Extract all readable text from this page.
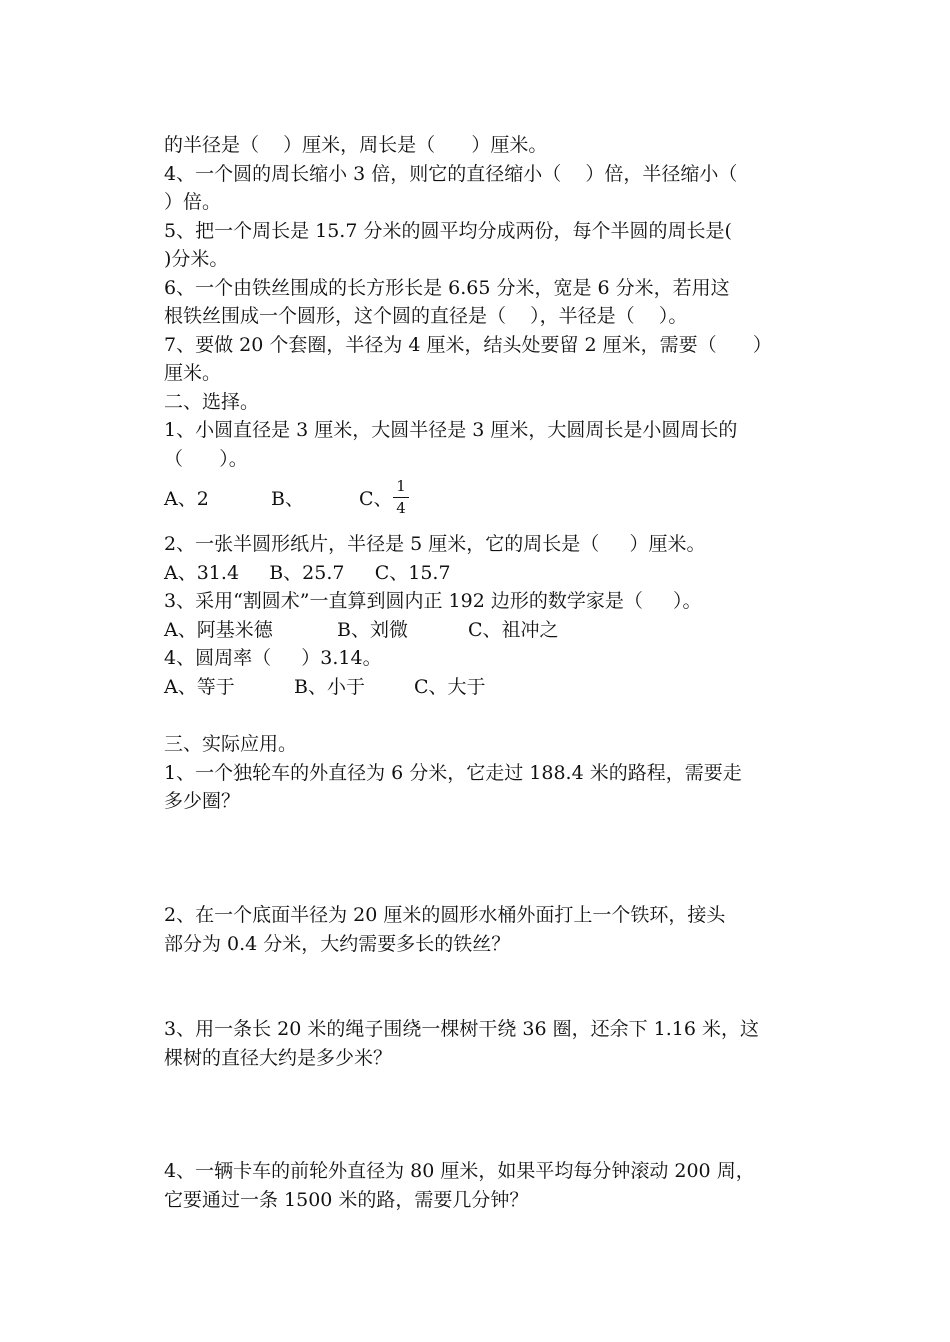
的半径是（    ）厘米，周长是（      ）厘米。
4、一个圆的周长缩小 3 倍，则它的直径缩小（    ）倍，半径缩小（
）倍。
5、把一个周长是 15.7 分米的圆平均分成两份，每个半圆的周长是(
)分米。
6、一个由铁丝围成的长方形长是 6.65 分米，宽是 6 分米，若用这
根铁丝围成一个圆形，这个圆的直径是（    ），半径是（    ）。
7、要做 20 个套圈，半径为 4 厘米，结头处要留 2 厘米，需要（      ）
厘米。
二、选择。
1、小圆直径是 3 厘米，大圆半径是 3 厘米，大圆周长是小圆周长的
（      ）。
A、2	B、	C、
1
4
2、一张半圆形纸片，半径是 5 厘米，它的周长是（     ）厘米。
A、31.4     B、25.7     C、15.7
3、采用“割圆术”一直算到圆内正 192 边形的数学家是（     ）。
A、阿基米德	B、刘微	C、祖冲之
4、圆周率（     ）3.14。
A、等于	B、小于	C、大于
三、实际应用。
1、一个独轮车的外直径为 6 分米，它走过 188.4 米的路程，需要走
多少圈？
2、在一个底面半径为 20 厘米的圆形水桶外面打上一个铁环，接头
部分为 0.4 分米，大约需要多长的铁丝？
3、用一条长 20 米的绳子围绕一棵树干绕 36 圈，还余下 1.16 米，这
棵树的直径大约是多少米？
4、一辆卡车的前轮外直径为 80 厘米，如果平均每分钟滚动 200 周，
它要通过一条 1500 米的路，需要几分钟？
